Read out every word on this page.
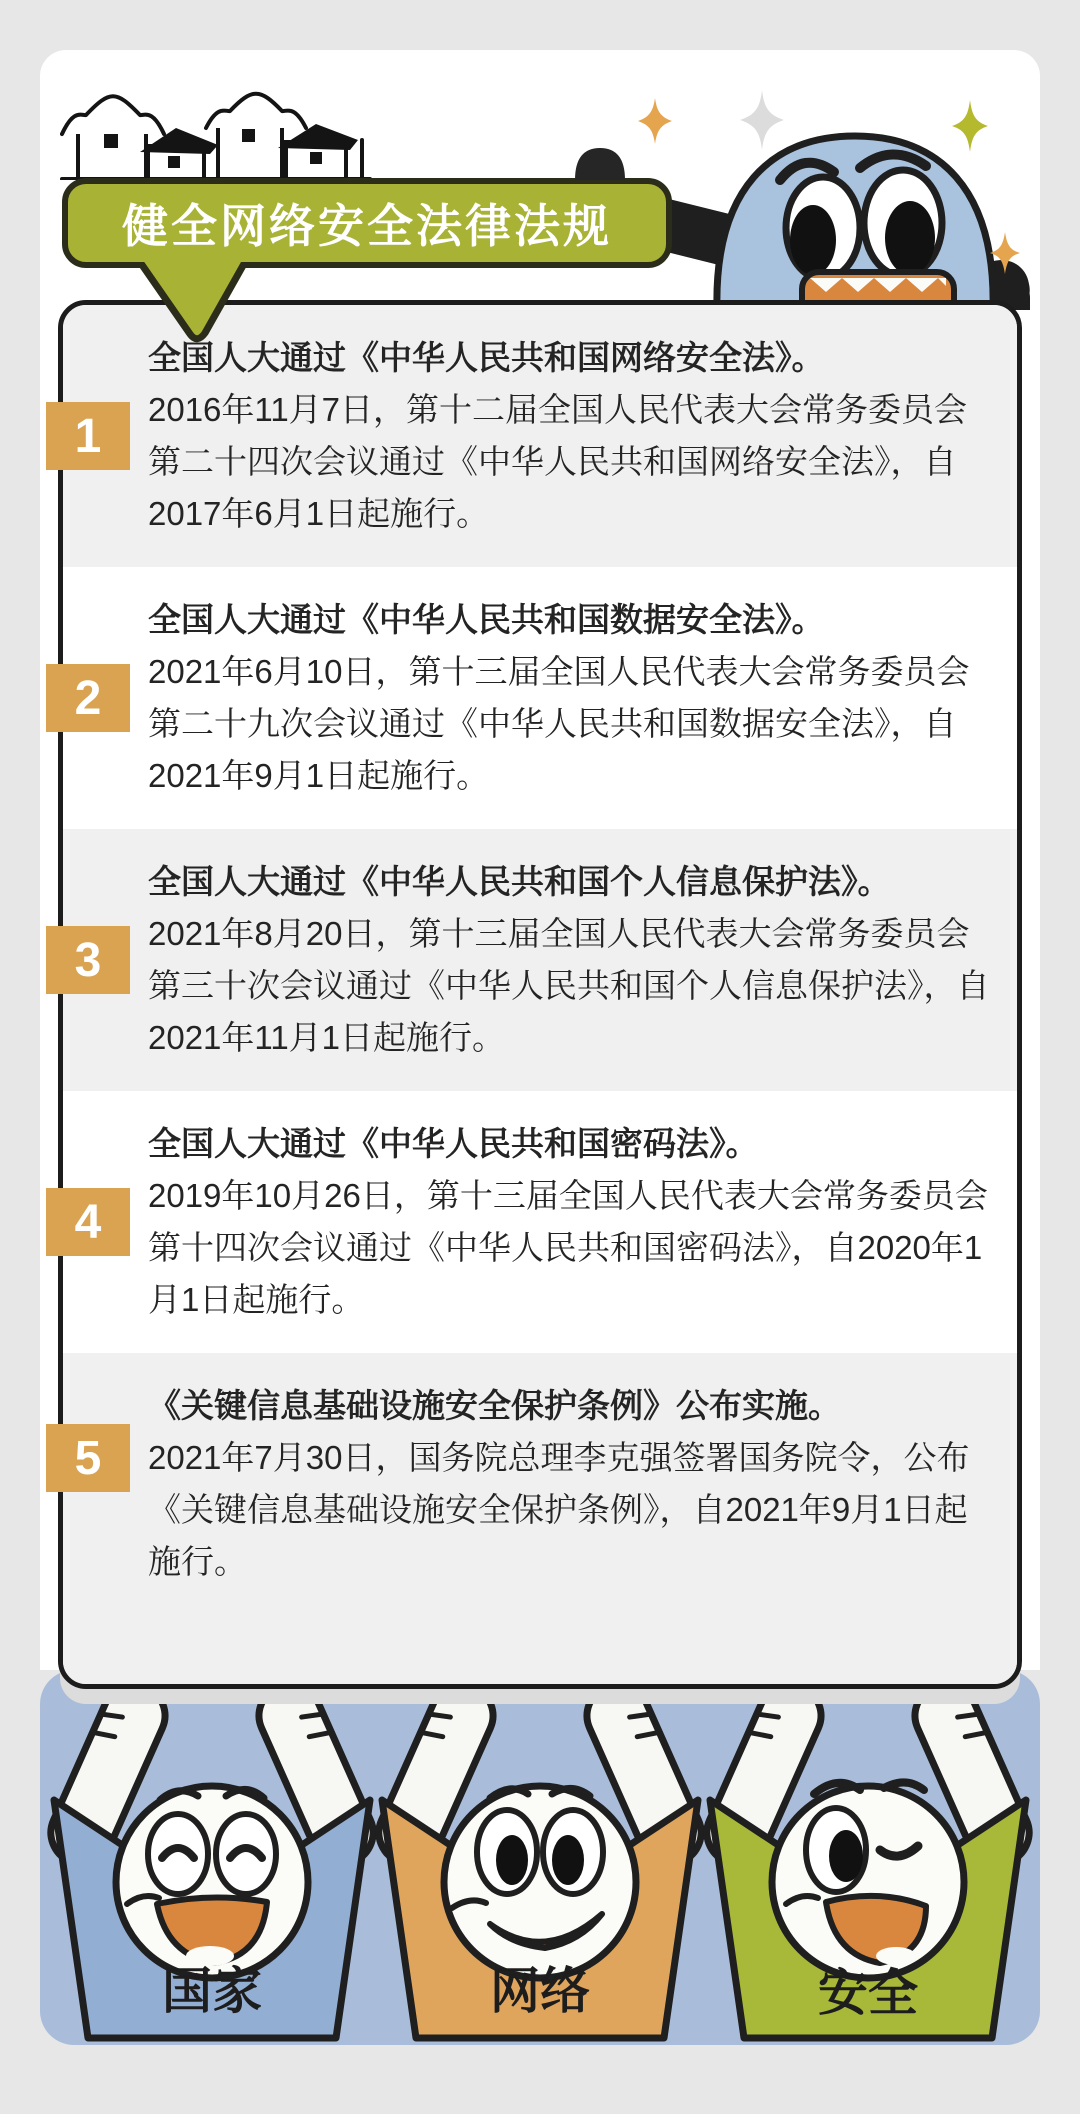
健全网络安全法律法规

全国人大通过《中华人民共和国网络安全法》。

2016年11月7日，第十二届全国人民代表大会常务委员会第二十四次会议通过《中华人民共和国网络安全法》，自2017年6月1日起施行。

全国人大通过《中华人民共和国数据安全法》。

2021年6月10日，第十三届全国人民代表大会常务委员会第二十九次会议通过《中华人民共和国数据安全法》，自2021年9月1日起施行。

全国人大通过《中华人民共和国个人信息保护法》。

2021年8月20日，第十三届全国人民代表大会常务委员会第三十次会议通过《中华人民共和国个人信息保护法》，自2021年11月1日起施行。

全国人大通过《中华人民共和国密码法》。

2019年10月26日，第十三届全国人民代表大会常务委员会第十四次会议通过《中华人民共和国密码法》，自2020年1月1日起施行。

《关键信息基础设施安全保护条例》公布实施。

2021年7月30日，国务院总理李克强签署国务院令，公布《关键信息基础设施安全保护条例》，自2021年9月1日起施行。

1
2
3
4
5
国家	网络	安全
